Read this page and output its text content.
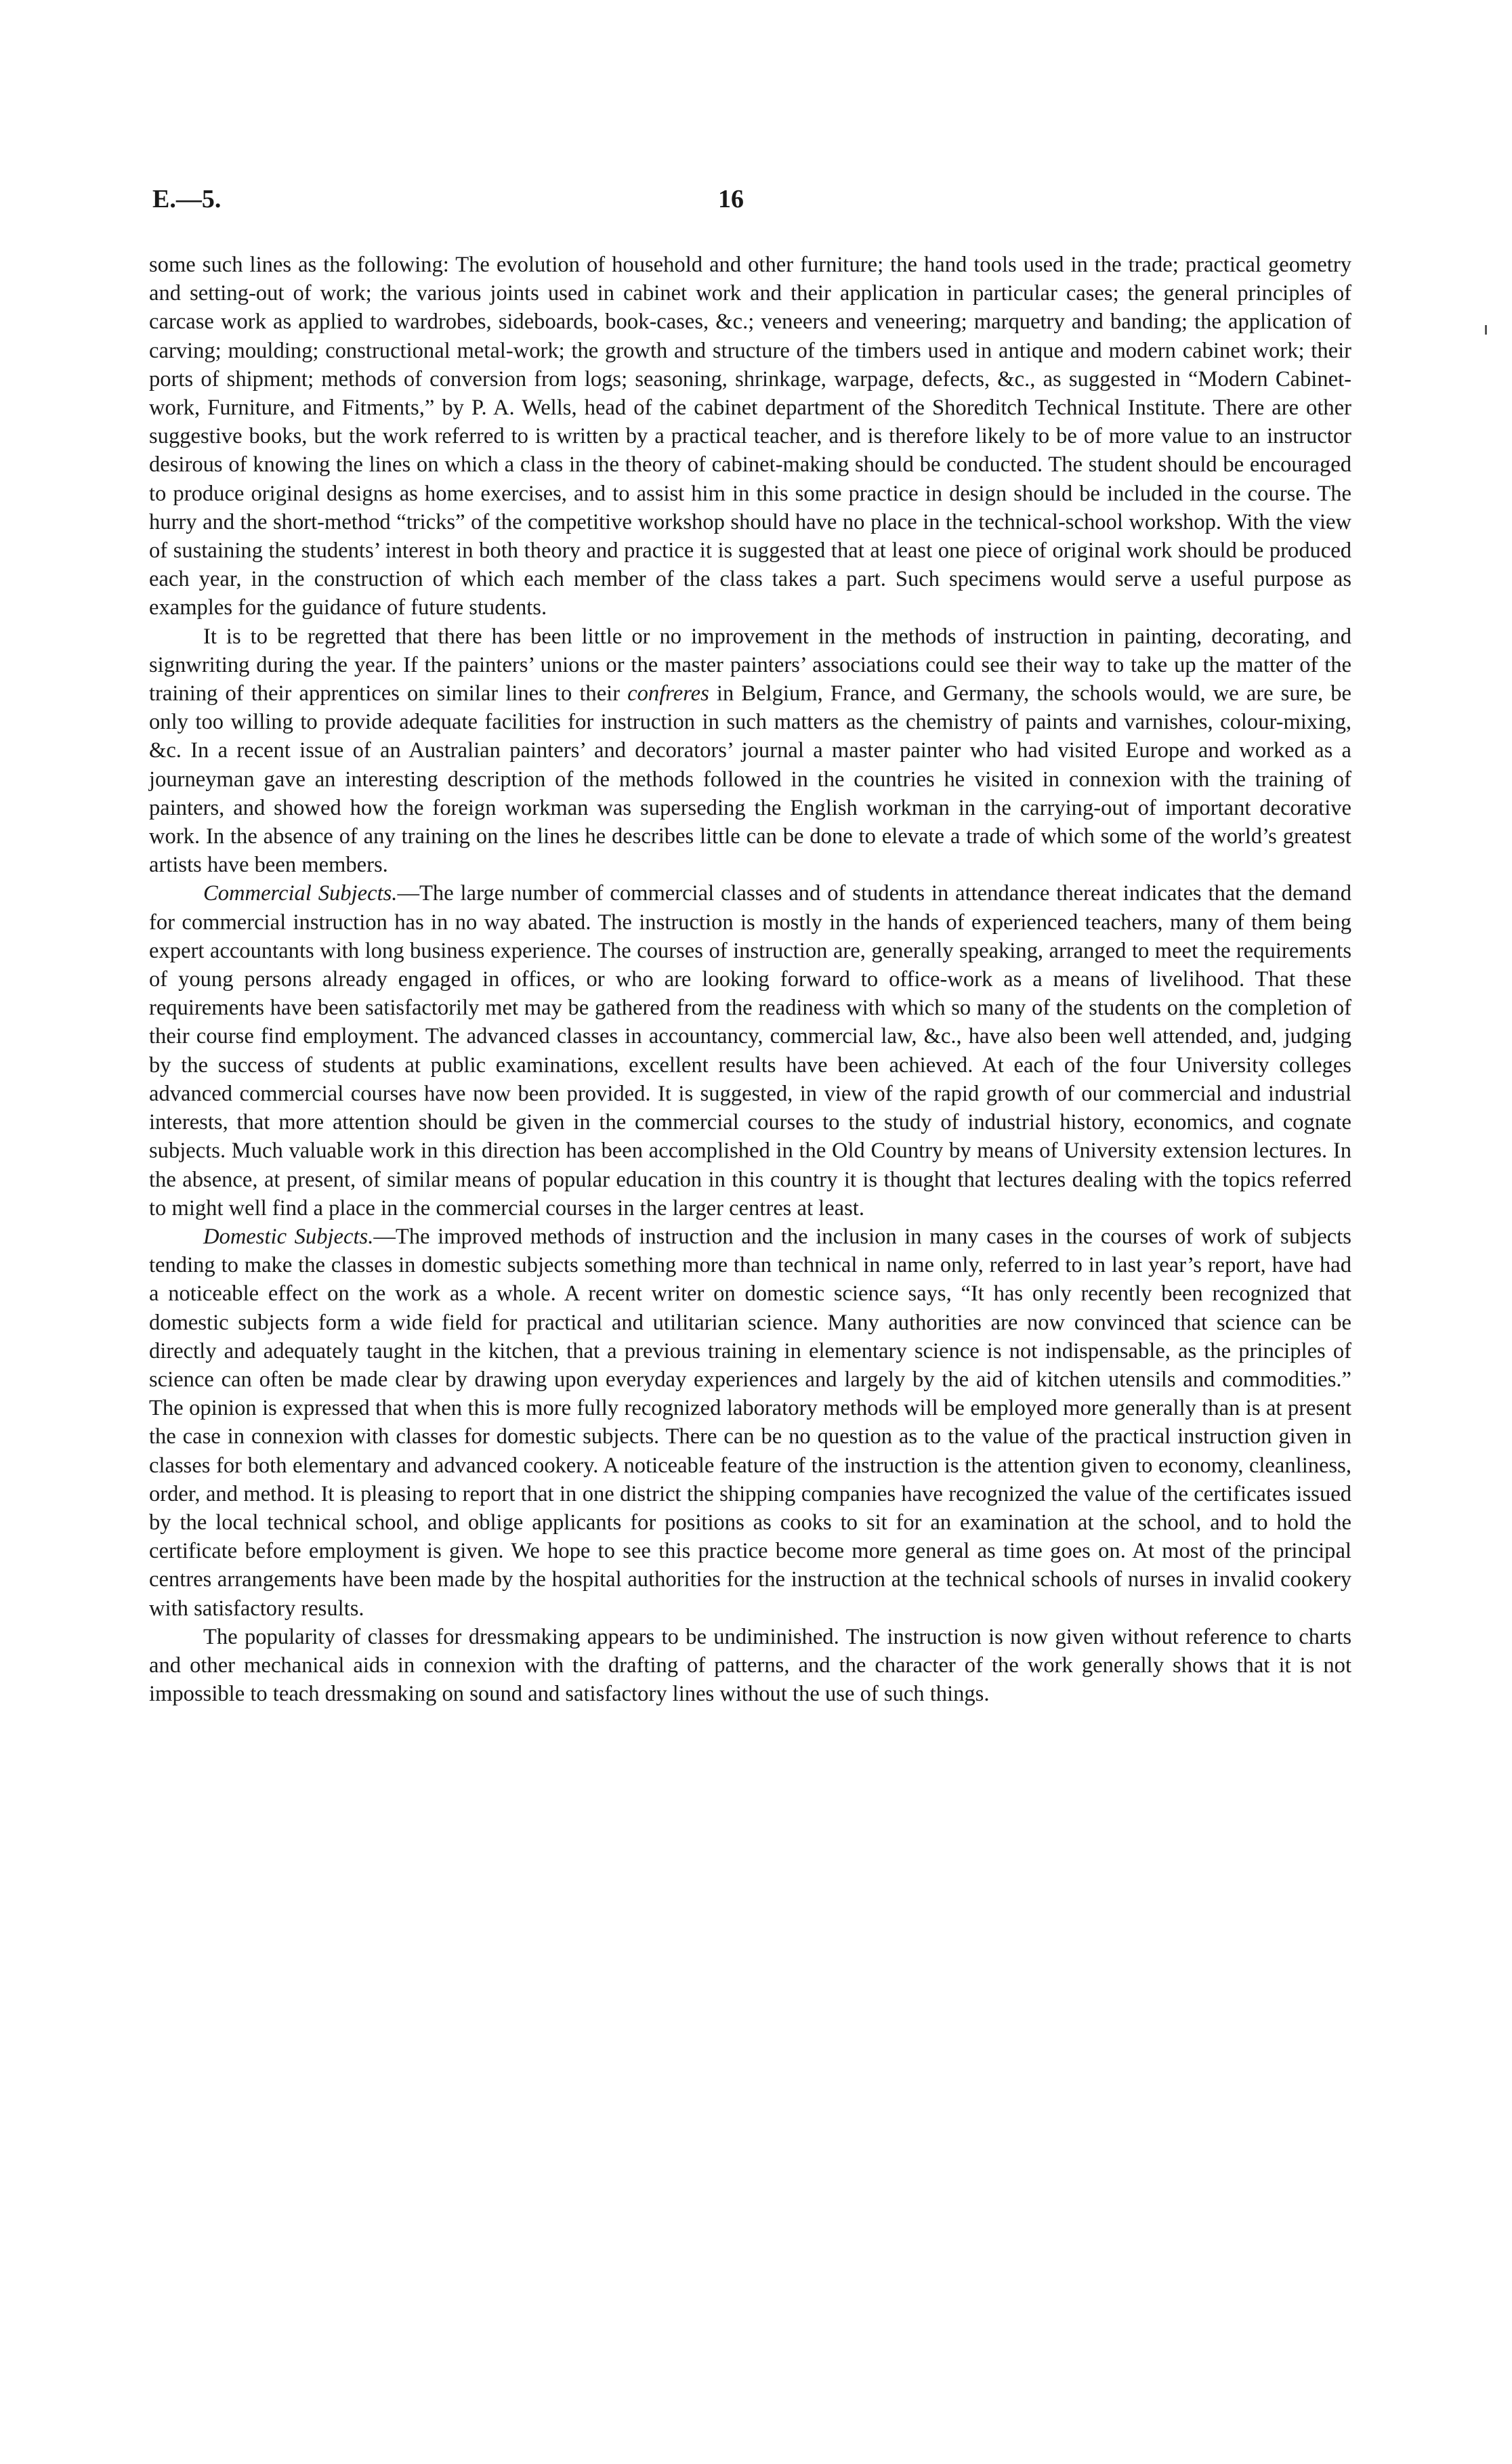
E.—5.	16

some such lines as the following: The evolution of household and other furniture; the hand tools used in the trade; practical geometry and setting-out of work; the various joints used in cabinet work and their application in particular cases; the general principles of carcase work as applied to wardrobes, sideboards, book-cases, &c.; veneers and veneering; marquetry and banding; the application of carving; moulding; constructional metal-work; the growth and structure of the timbers used in antique and modern cabinet work; their ports of shipment; methods of conversion from logs; seasoning, shrinkage, warpage, defects, &c., as suggested in “Modern Cabinet-work, Furniture, and Fitments,” by P. A. Wells, head of the cabinet department of the Shoreditch Technical Institute. There are other suggestive books, but the work referred to is written by a practical teacher, and is therefore likely to be of more value to an instructor desirous of knowing the lines on which a class in the theory of cabinet-making should be conducted. The student should be encouraged to produce original designs as home exercises, and to assist him in this some practice in design should be included in the course. The hurry and the short-method “tricks” of the competitive workshop should have no place in the technical-school workshop. With the view of sustaining the students’ interest in both theory and practice it is suggested that at least one piece of original work should be produced each year, in the construction of which each member of the class takes a part. Such specimens would serve a useful purpose as examples for the guidance of future students.

It is to be regretted that there has been little or no improvement in the methods of instruction in painting, decorating, and signwriting during the year. If the painters’ unions or the master painters’ associations could see their way to take up the matter of the training of their apprentices on similar lines to their confreres in Belgium, France, and Germany, the schools would, we are sure, be only too willing to provide adequate facilities for instruction in such matters as the chemistry of paints and varnishes, colour-mixing, &c. In a recent issue of an Australian painters’ and decorators’ journal a master painter who had visited Europe and worked as a journeyman gave an interesting description of the methods followed in the countries he visited in connexion with the training of painters, and showed how the foreign workman was superseding the English workman in the carrying-out of important decorative work. In the absence of any training on the lines he describes little can be done to elevate a trade of which some of the world’s greatest artists have been members.

Commercial Subjects.—The large number of commercial classes and of students in attendance thereat indicates that the demand for commercial instruction has in no way abated. The instruction is mostly in the hands of experienced teachers, many of them being expert accountants with long business experience. The courses of instruction are, generally speaking, arranged to meet the requirements of young persons already engaged in offices, or who are looking forward to office-work as a means of livelihood. That these requirements have been satisfactorily met may be gathered from the readiness with which so many of the students on the completion of their course find employment. The advanced classes in accountancy, commercial law, &c., have also been well attended, and, judging by the success of students at public examinations, excellent results have been achieved. At each of the four University colleges advanced commercial courses have now been provided. It is suggested, in view of the rapid growth of our commercial and industrial interests, that more attention should be given in the commercial courses to the study of industrial history, economics, and cognate subjects. Much valuable work in this direction has been accomplished in the Old Country by means of University extension lectures. In the absence, at present, of similar means of popular education in this country it is thought that lectures dealing with the topics referred to might well find a place in the commercial courses in the larger centres at least.

Domestic Subjects.—The improved methods of instruction and the inclusion in many cases in the courses of work of subjects tending to make the classes in domestic subjects something more than technical in name only, referred to in last year’s report, have had a noticeable effect on the work as a whole. A recent writer on domestic science says, “It has only recently been recognized that domestic subjects form a wide field for practical and utilitarian science. Many authorities are now convinced that science can be directly and adequately taught in the kitchen, that a previous training in elementary science is not indispensable, as the principles of science can often be made clear by drawing upon everyday experiences and largely by the aid of kitchen utensils and commodities.” The opinion is expressed that when this is more fully recognized laboratory methods will be employed more generally than is at present the case in connexion with classes for domestic subjects. There can be no question as to the value of the practical instruction given in classes for both elementary and advanced cookery. A noticeable feature of the instruction is the attention given to economy, cleanliness, order, and method. It is pleasing to report that in one district the shipping companies have recognized the value of the certificates issued by the local technical school, and oblige applicants for positions as cooks to sit for an examination at the school, and to hold the certificate before employment is given. We hope to see this practice become more general as time goes on. At most of the principal centres arrangements have been made by the hospital authorities for the instruction at the technical schools of nurses in invalid cookery with satisfactory results.

The popularity of classes for dressmaking appears to be undiminished. The instruction is now given without reference to charts and other mechanical aids in connexion with the drafting of patterns, and the character of the work generally shows that it is not impossible to teach dressmaking on sound and satisfactory lines without the use of such things.
